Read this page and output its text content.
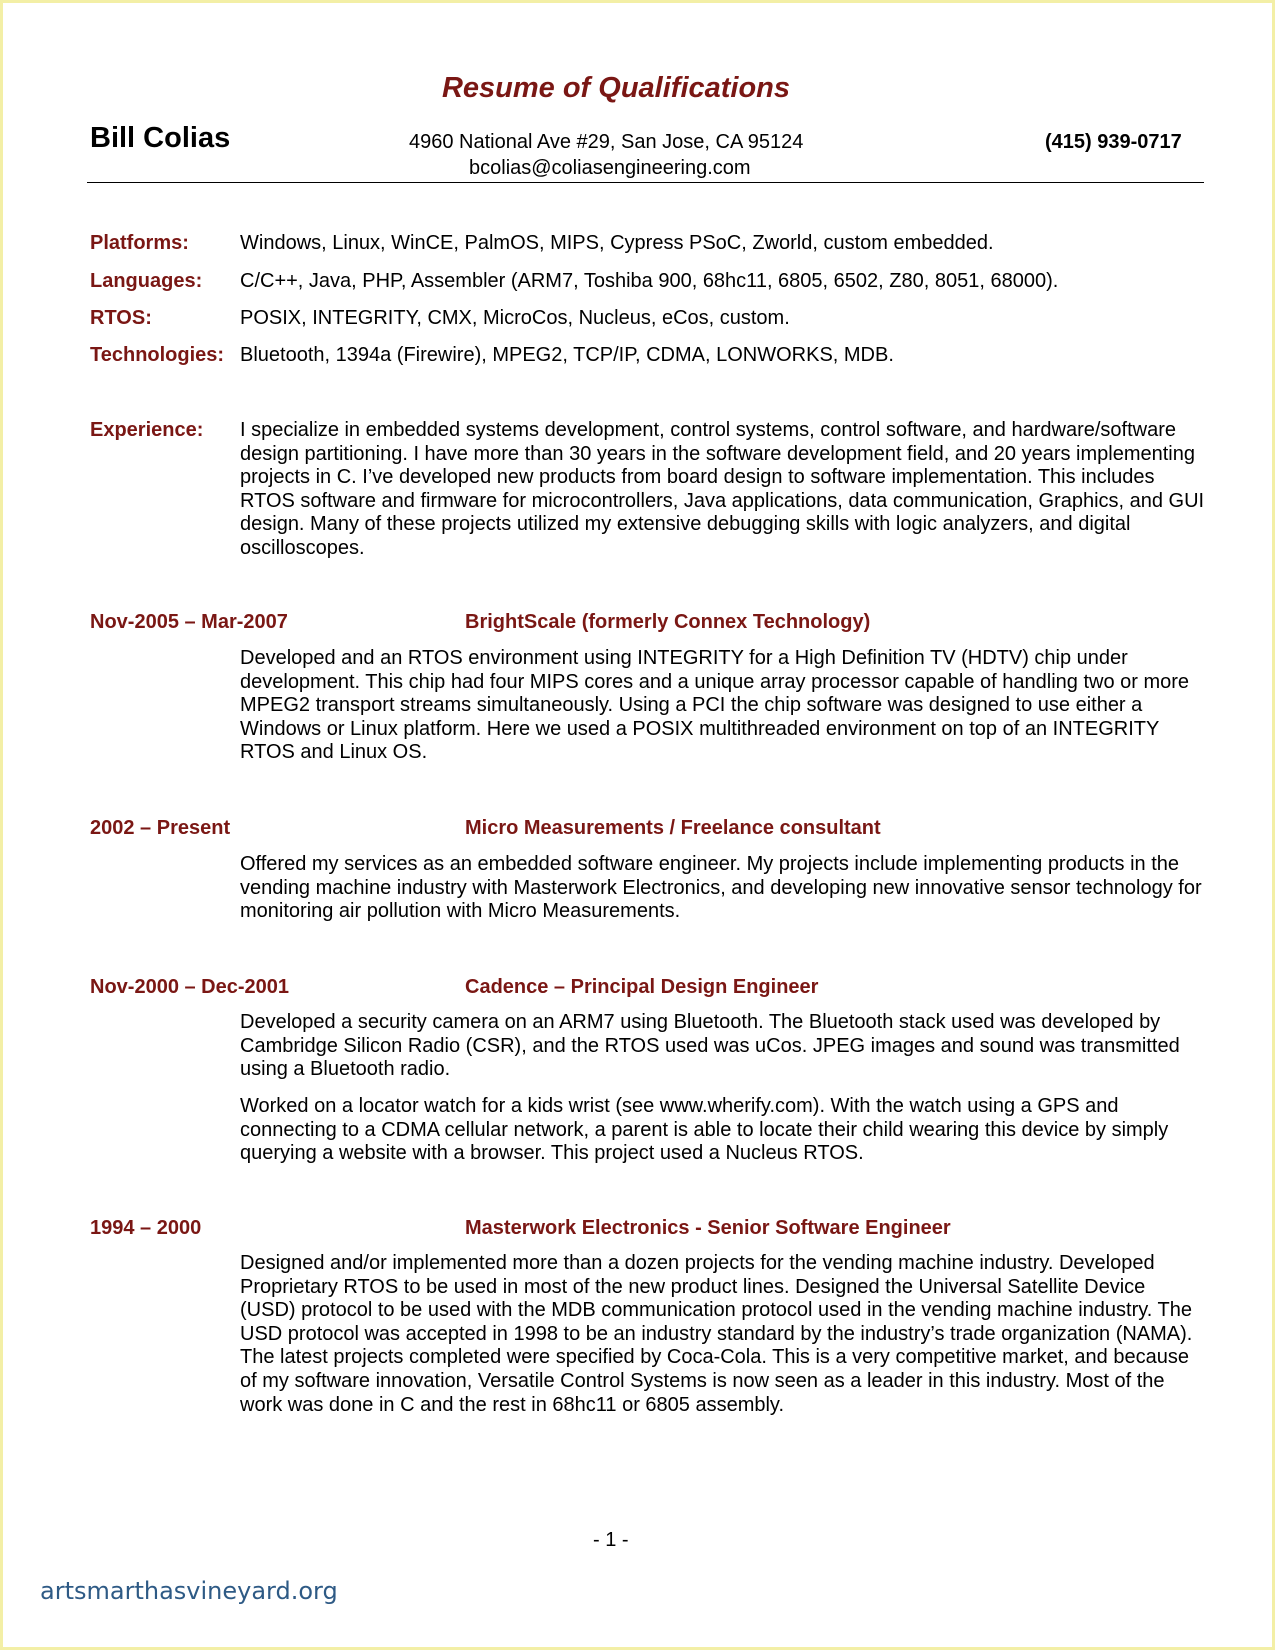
Resume of Qualifications
Bill Colias	4960 National Ave #29, San Jose, CA 95124
bcolias@coliasengineering.com
(415) 939-0717
Platforms:	Windows, Linux, WinCE, PalmOS, MIPS, Cypress PSoC, Zworld, custom embedded.
Languages: C/C++, Java, PHP, Assembler (ARM7, Toshiba 900, 68hc11, 6805, 6502, Z80, 8051, 68000).
RTOS:	POSIX, INTEGRITY, CMX, MicroCos, Nucleus, eCos, custom.
Technologies: Bluetooth, 1394a (Firewire), MPEG2, TCP/IP, CDMA, LONWORKS, MDB.
Experience: I specialize in embedded systems development, control systems, control software, and hardware/software design partitioning. I have more than 30 years in the software development field, and 20 years implementing projects in C. I’ve developed new products from board design to software implementation. This includes RTOS software and firmware for microcontrollers, Java applications, data communication, Graphics, and GUI design. Many of these projects utilized my extensive debugging skills with logic analyzers, and digital oscilloscopes.
Nov-2005 – Mar-2007	BrightScale (formerly Connex Technology)
Developed and an RTOS environment using INTEGRITY for a High Definition TV (HDTV) chip under development. This chip had four MIPS cores and a unique array processor capable of handling two or more MPEG2 transport streams simultaneously. Using a PCI the chip software was designed to use either a Windows or Linux platform. Here we used a POSIX multithreaded environment on top of an INTEGRITY RTOS and Linux OS.
2002 – Present	Micro Measurements / Freelance consultant
Offered my services as an embedded software engineer. My projects include implementing products in the vending machine industry with Masterwork Electronics, and developing new innovative sensor technology for monitoring air pollution with Micro Measurements.
Nov-2000 – Dec-2001	Cadence – Principal Design Engineer
Developed a security camera on an ARM7 using Bluetooth. The Bluetooth stack used was developed by Cambridge Silicon Radio (CSR), and the RTOS used was uCos. JPEG images and sound was transmitted using a Bluetooth radio.
Worked on a locator watch for a kids wrist (see www.wherify.com). With the watch using a GPS and connecting to a CDMA cellular network, a parent is able to locate their child wearing this device by simply querying a website with a browser. This project used a Nucleus RTOS.
1994 – 2000	Masterwork Electronics - Senior Software Engineer
Designed and/or implemented more than a dozen projects for the vending machine industry. Developed Proprietary RTOS to be used in most of the new product lines. Designed the Universal Satellite Device (USD) protocol to be used with the MDB communication protocol used in the vending machine industry. The USD protocol was accepted in 1998 to be an industry standard by the industry’s trade organization (NAMA). The latest projects completed were specified by Coca-Cola. This is a very competitive market, and because of my software innovation, Versatile Control Systems is now seen as a leader in this industry. Most of the work was done in C and the rest in 68hc11 or 6805 assembly.
- 1 -
artsmarthasvineyard.org
